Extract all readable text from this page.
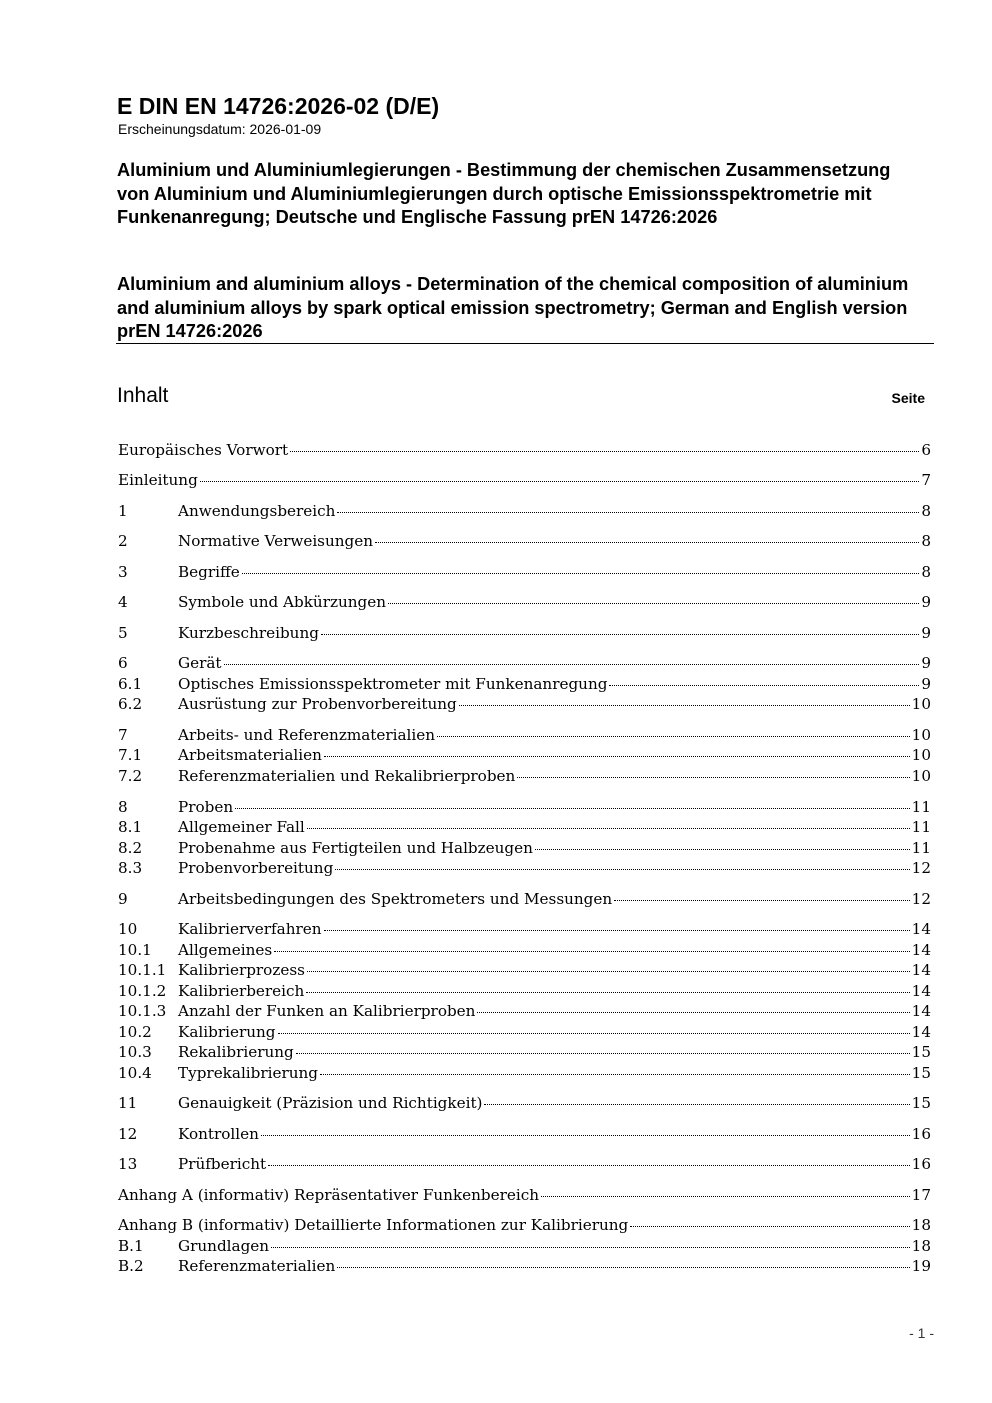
E DIN EN 14726:2026-02 (D/E)
Erscheinungsdatum: 2026-01-09
Aluminium und Aluminiumlegierungen - Bestimmung der chemischen Zusammensetzung von Aluminium und Aluminiumlegierungen durch optische Emissionsspektrometrie mit Funkenanregung; Deutsche und Englische Fassung prEN 14726:2026
Aluminium and aluminium alloys - Determination of the chemical composition of aluminium and aluminium alloys by spark optical emission spectrometry; German and English version prEN 14726:2026
Inhalt	Seite
Europäisches Vorwort	6
Einleitung	7
1	Anwendungsbereich	8
2	Normative Verweisungen	8
3	Begriffe	8
4	Symbole und Abkürzungen	9
5	Kurzbeschreibung	9
6	Gerät	9
6.1	Optisches Emissionsspektrometer mit Funkenanregung	9
6.2	Ausrüstung zur Probenvorbereitung	10
7	Arbeits- und Referenzmaterialien	10
7.1	Arbeitsmaterialien	10
7.2	Referenzmaterialien und Rekalibrierproben	10
8	Proben	11
8.1	Allgemeiner Fall	11
8.2	Probenahme aus Fertigteilen und Halbzeugen	11
8.3	Probenvorbereitung	12
9	Arbeitsbedingungen des Spektrometers und Messungen	12
10	Kalibrierverfahren	14
10.1	Allgemeines	14
10.1.1 Kalibrierprozess	14
10.1.2 Kalibrierbereich	14
10.1.3 Anzahl der Funken an Kalibrierproben	14
10.2	Kalibrierung	14
10.3	Rekalibrierung	15
10.4	Typrekalibrierung	15
11	Genauigkeit (Präzision und Richtigkeit)	15
12	Kontrollen	16
13	Prüfbericht	16
Anhang A (informativ) Repräsentativer Funkenbereich	17
Anhang B (informativ) Detaillierte Informationen zur Kalibrierung	18
B.1	Grundlagen	18
B.2	Referenzmaterialien	19
- 1 -
